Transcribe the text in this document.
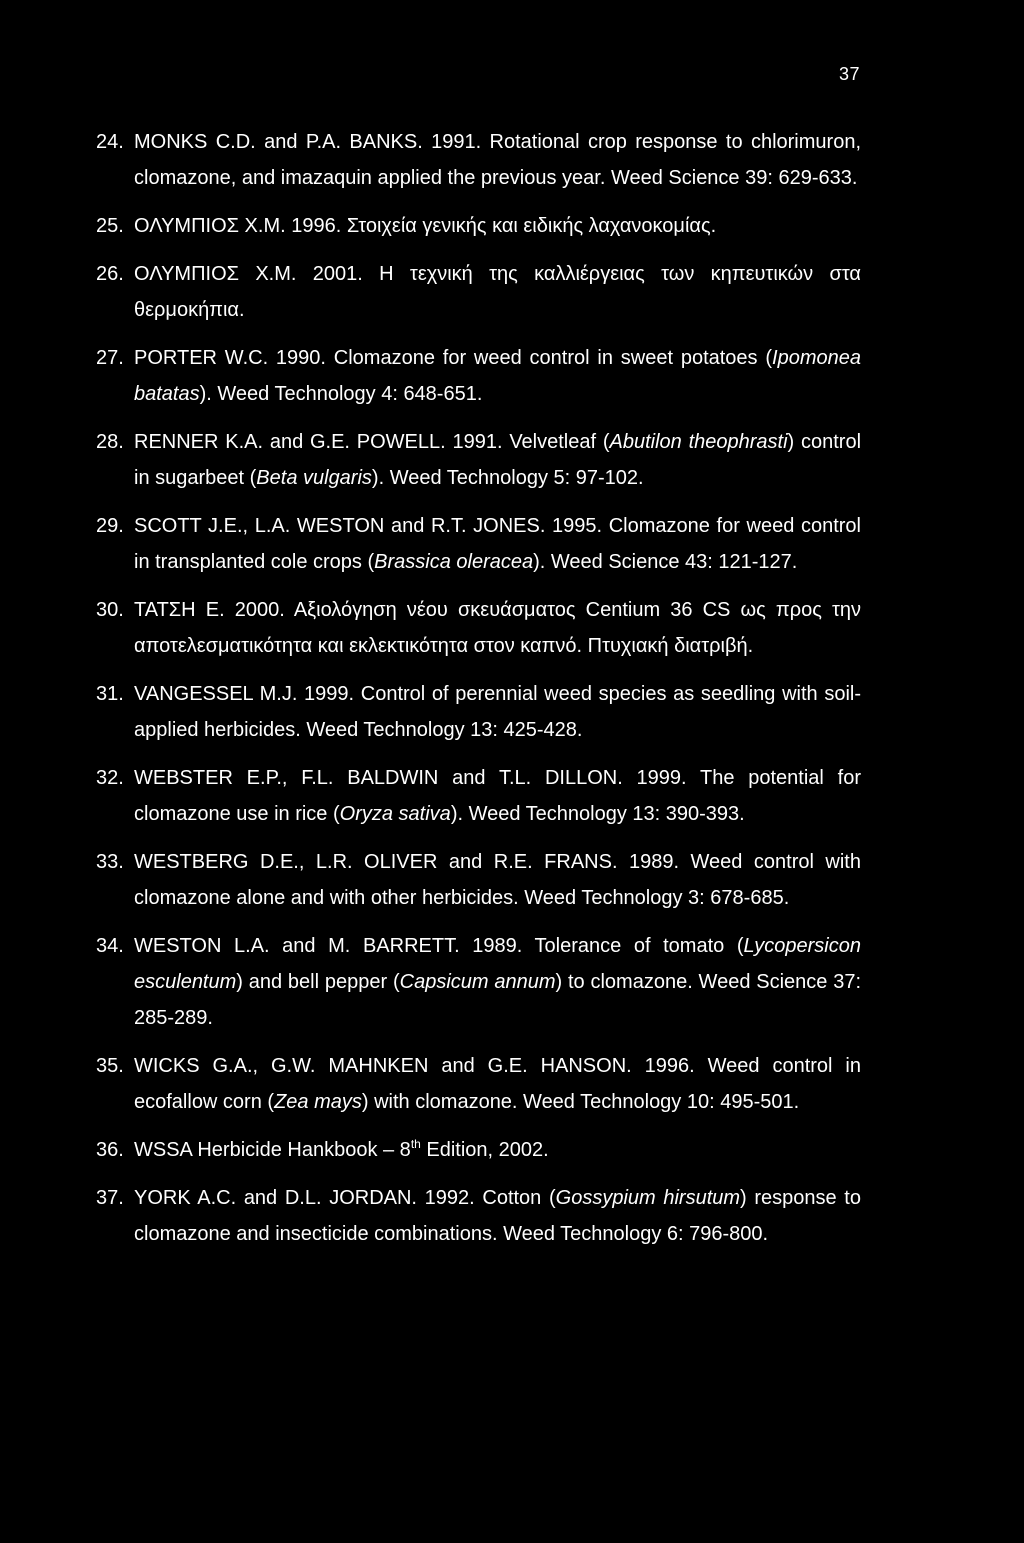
37
24. MONKS C.D. and P.A. BANKS. 1991. Rotational crop response to chlorimuron, clomazone, and imazaquin applied the previous year. Weed Science 39: 629-633.
25. ΟΛΥΜΠΙΟΣ Χ.Μ. 1996. Στοιχεία γενικής και ειδικής λαχανοκομίας.
26. ΟΛΥΜΠΙΟΣ Χ.Μ. 2001. Η τεχνική της καλλιέργειας των κηπευτικών στα θερμοκήπια.
27. PORTER W.C. 1990. Clomazone for weed control in sweet potatoes (Ipomonea batatas). Weed Technology 4: 648-651.
28. RENNER K.A. and G.E. POWELL. 1991. Velvetleaf (Abutilon theophrasti) control in sugarbeet (Beta vulgaris). Weed Technology 5: 97-102.
29. SCOTT J.E., L.A. WESTON and R.T. JONES. 1995. Clomazone for weed control in transplanted cole crops (Brassica oleracea). Weed Science 43: 121-127.
30. ΤΑΤΣΗ Ε. 2000. Αξιολόγηση νέου σκευάσματος Centium 36 CS ως προς την αποτελεσματικότητα και εκλεκτικότητα στον καπνό. Πτυχιακή διατριβή.
31. VANGESSEL M.J. 1999. Control of perennial weed species as seedling with soil-applied herbicides. Weed Technology 13: 425-428.
32. WEBSTER E.P., F.L. BALDWIN and T.L. DILLON. 1999. The potential for clomazone use in rice (Oryza sativa). Weed Technology 13: 390-393.
33. WESTBERG D.E., L.R. OLIVER and R.E. FRANS. 1989. Weed control with clomazone alone and with other herbicides. Weed Technology 3: 678-685.
34. WESTON L.A. and M. BARRETT. 1989. Tolerance of tomato (Lycopersicon esculentum) and bell pepper (Capsicum annum) to clomazone. Weed Science 37: 285-289.
35. WICKS G.A., G.W. MAHNKEN and G.E. HANSON. 1996. Weed control in ecofallow corn (Zea mays) with clomazone. Weed Technology 10: 495-501.
36. WSSA Herbicide Hankbook – 8th Edition, 2002.
37. YORK A.C. and D.L. JORDAN. 1992. Cotton (Gossypium hirsutum) response to clomazone and insecticide combinations. Weed Technology 6: 796-800.
